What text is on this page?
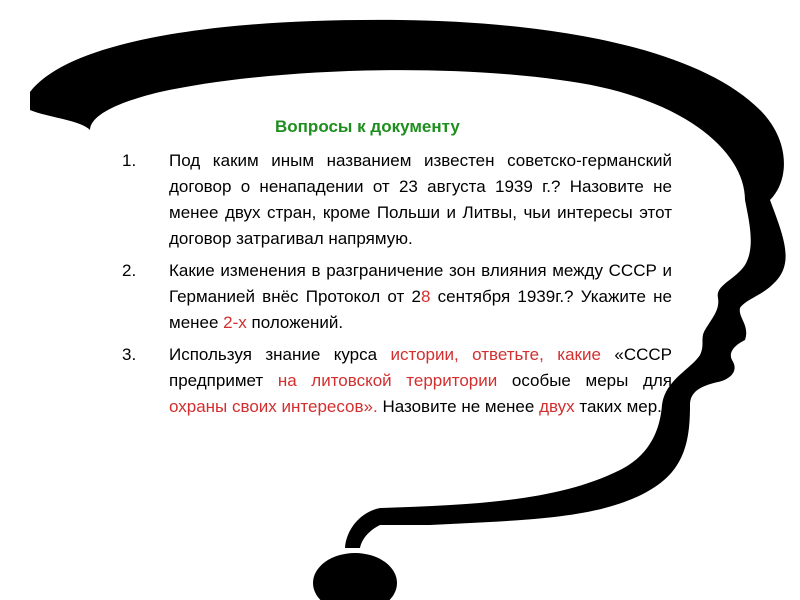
Вопросы к документу
1.	Под каким иным названием известен советско-германский договор о ненападении от 23 августа 1939 г.? Назовите не менее двух стран, кроме Польши и Литвы, чьи интересы этот договор затрагивал напрямую.
2.	Какие изменения в разграничение зон влияния между СССР и Германией внёс Протокол от 28 сентября 1939г.? Укажите не менее 2-х положений.
3.	Используя знание курса истории, ответьте, какие «СССР предпримет на литовской территории особые меры для охраны своих интересов». Назовите не менее двух таких мер.
